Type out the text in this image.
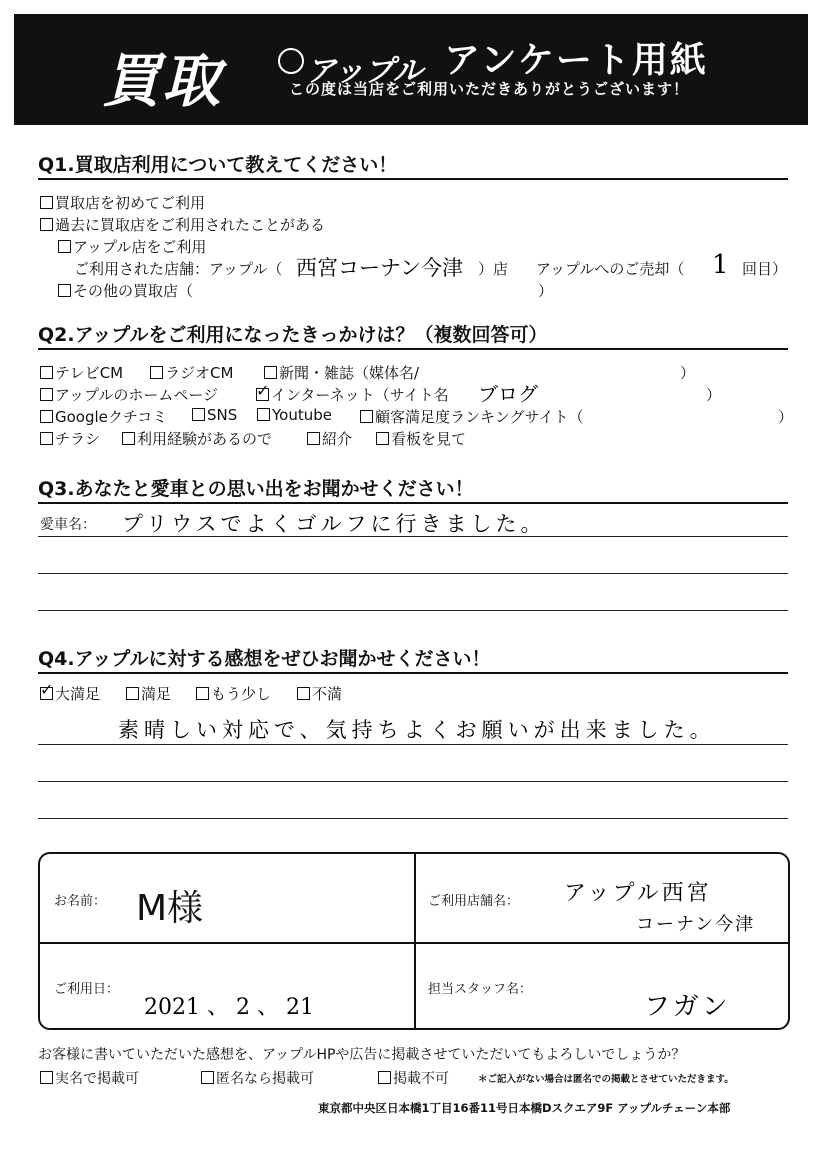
買取	アップル アンケート用紙
この度は当店をご利用いただきありがとうございます！
Q1.買取店利用について教えてください！
買取店を初めてご利用
過去に買取店をご利用されたことがある
アップル店をご利用
ご利用された店舗：アップル（ 西宮コーナン今津 ）店 アップルへのご売却（ 1 回目）
その他の買取店（	）
Q2.アップルをご利用になったきっかけは？（複数回答可）
テレビCM	ラジオCM	新聞・雑誌（媒体名/	）
アップルのホームページ
✓	インターネット（サイト名 ブログ	）
Googleクチコミ	SNS	Youtube	顧客満足度ランキングサイト（	）
チラシ	利用経験があるので	紹介	看板を見て
Q3.あなたと愛車との思い出をお聞かせください！
愛車名： プリウスでよくゴルフに行きました。
Q4.アップルに対する感想をぜひお聞かせください！
✓大満足	満足	もう少し	不満
素晴しい対応で、気持ちよくお願いが出来ました。
お名前： M様	ご利用店舗名： アップル西宮
コーナン今津
ご利用日：
2021 、 2 、 21
担当スタッフ名：
フガン
お客様に書いていただいた感想を、アップルHPや広告に掲載させていただいてもよろしいでしょうか？
実名で掲載可	匿名なら掲載可	掲載不可	＊ご記入がない場合は匿名での掲載とさせていただきます。
東京都中央区日本橋1丁目16番11号日本橋Dスクエア9F アップルチェーン本部
